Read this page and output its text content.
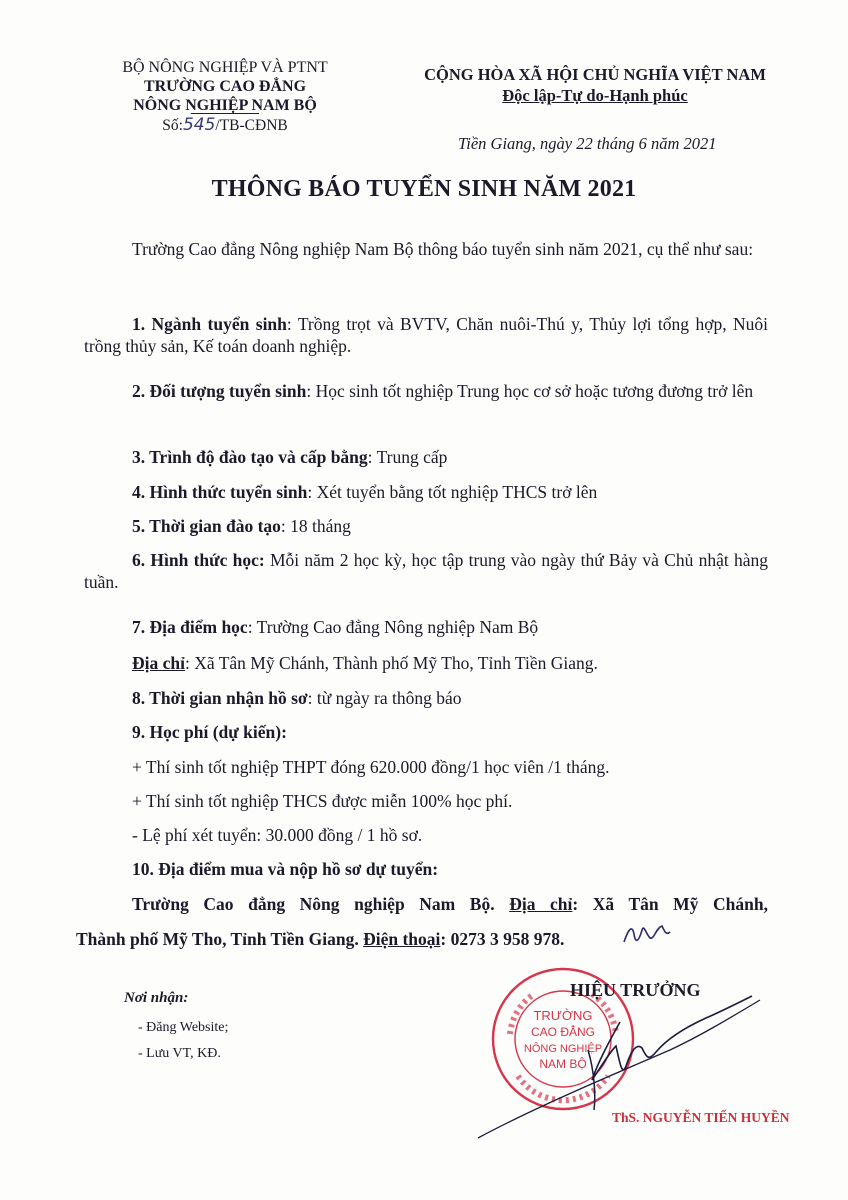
BỘ NÔNG NGHIỆP VÀ PTNT
TRƯỜNG CAO ĐẲNG
NÔNG NGHIỆP NAM BỘ
Số:545/TB-CĐNB
CỘNG HÒA XÃ HỘI CHỦ NGHĨA VIỆT NAM
Độc lập-Tự do-Hạnh phúc
Tiền Giang, ngày 22 tháng 6 năm 2021
THÔNG BÁO TUYỂN SINH NĂM 2021
Trường Cao đẳng Nông nghiệp Nam Bộ thông báo tuyển sinh năm 2021, cụ thể như sau:
1. Ngành tuyển sinh: Trồng trọt và BVTV, Chăn nuôi-Thú y, Thủy lợi tổng hợp, Nuôi trồng thủy sản, Kế toán doanh nghiệp.
2. Đối tượng tuyển sinh: Học sinh tốt nghiệp Trung học cơ sở hoặc tương đương trở lên
3. Trình độ đào tạo và cấp bằng: Trung cấp
4. Hình thức tuyển sinh: Xét tuyển bằng tốt nghiệp THCS trở lên
5. Thời gian đào tạo: 18 tháng
6. Hình thức học: Mỗi năm 2 học kỳ, học tập trung vào ngày thứ Bảy và Chủ nhật hàng tuần.
7. Địa điểm học: Trường Cao đẳng Nông nghiệp Nam Bộ
Địa chỉ: Xã Tân Mỹ Chánh, Thành phố Mỹ Tho, Tỉnh Tiền Giang.
8. Thời gian nhận hồ sơ: từ ngày ra thông báo
9. Học phí (dự kiến):
+ Thí sinh tốt nghiệp THPT đóng 620.000 đồng/1 học viên /1 tháng.
+ Thí sinh tốt nghiệp THCS được miễn 100% học phí.
- Lệ phí xét tuyển: 30.000 đồng / 1 hồ sơ.
10. Địa điểm mua và nộp hồ sơ dự tuyển:
Trường Cao đẳng Nông nghiệp Nam Bộ. Địa chỉ: Xã Tân Mỹ Chánh,
Thành phố Mỹ Tho, Tỉnh Tiền Giang. Điện thoại: 0273 3 958 978.
Nơi nhận:
- Đăng Website;
- Lưu VT, KĐ.
TRƯỜNG
CAO ĐẲNG
NÔNG NGHIỆP
NAM BỘ
HIỆU TRƯỞNG
ThS. NGUYỄN TIẾN HUYỀN
